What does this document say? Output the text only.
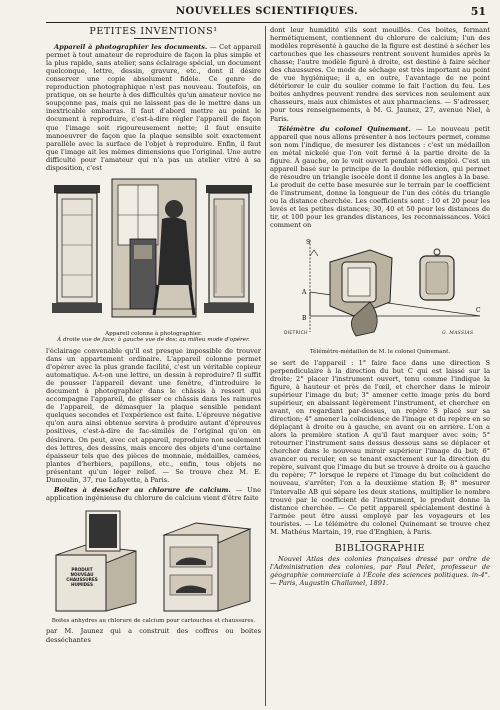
NOUVELLES SCIENTIFIQUES.	51
PETITES INVENTIONS¹

Appareil à photographier les documents. — Cet appareil permet à tout amateur de reproduire de façon la plus simple et la plus rapide, sans atelier, sans éclairage spécial, un document quelconque, lettre, dessin, gravure, etc., dont il désire conserver une copie absolument fidèle. Ce genre de reproduction photographique n'est pas nouveau. Toutefois, en pratique, on se heurte à des difficultés qu'un amateur novice ne soupçonne pas, mais qui ne laissent pas de le mettre dans un inextricable embarras. Il faut d'abord mettre au point le document à reproduire, c'est-à-dire régler l'appareil de façon que l'image soit rigoureusement nette; il faut ensuite manoeuvrer de façon que la plaque sensible soit exactement parallèle avec la surface de l'objet à reproduire. Enfin, il faut que l'image ait les mêmes dimensions que l'original. Une autre difficulté pour l'amateur qui n'a pas un atelier vitré à sa disposition, c'est

Appareil colonne à photographier.
À droite vue de face; à gauche vue de dos; au milieu mode d'opérer.

l'éclairage convenable qu'il est presque impossible de trouver dans un appartement ordinaire. L'appareil colonne permet d'opérer avec la plus grande facilité, c'est un véritable copieur automatique. A-t-on une lettre, un dessin à reproduire? Il suffit de pousser l'appareil devant une fenêtre, d'introduire le document à photographier dans le châssis à ressort qui accompagne l'appareil, de glisser ce châssis dans les rainures de l'appareil, de démasquer la plaque sensible pendant quelques secondes et l'expérience est faite. L'épreuve négative qu'on aura ainsi obtenue servira à produire autant d'épreuves positives, c'est-à-dire de fac-similés de l'original qu'on en désirera. On peut, avec cet appareil, reproduire non seulement des lettres, des dessins, mais encore des objets d'une certaine épaisseur tels que des pièces de monnaie, médailles, camées, plantes d'herbiers, papillons, etc., enfin, tous objets ne présentant qu'un léger relief. — Se trouve chez M. E. Dumoulin, 37, rue Lafayette, à Paris.

Boites à dessécher au chlorure de calcium. — Une application ingénieuse du chlorure de calcium vient d'être faite

PRODUIT NOUVEAU CHAUSSURES HUMIDES
Boites anhydres au chlorure de calcium pour cartouches et chaussures.

par M. Jaunez qui a construit des coffres ou boites desséchantes

dont leur humidité s'ils sont mouillés. Ces boites, fermant hermétiquement, contiennent du chlorure de calcium; l'un des modèles représenté à gauche de la figure est destiné à sécher les cartouches que les chasseurs rentrent souvent humides après la chasse; l'autre modèle figuré à droite, est destiné à faire sécher des chaussures. Ce mode de séchage est très important au point de vue hygiénique; il a, en outre, l'avantage de ne point détériorer le cuir du soulier comme le fait l'action du feu. Les boites anhydres peuvent rendre des services non seulement aux chasseurs, mais aux chimistes et aux pharmaciens. — S'adresser, pour tous renseignements, à M. G. Jaunez, 27, avenue Niel, à Paris.

Télémètre du colonel Quinemant. — Le nouveau petit appareil que nous allons présenter à nos lecteurs permet, comme son nom l'indique, de mesurer les distances : c'est un médaillon en métal nickelé que l'on voit fermé à la partie droite de la figure. À gauche, on le voit ouvert pendant son emploi. C'est un appareil basé sur le principe de la double réflexion, qui permet de résoudre un triangle isocèle dont il donne les angles à la base. Le produit de cette base mesurée sur le terrain par le coefficient de l'instrument, donne la longueur de l'un des côtés du triangle ou la distance cherchée. Les coefficients sont : 10 et 20 pour les levés et les petites distances; 30, 40 et 50 pour les distances de tir, et 100 pour les grandes distances, les reconnaissances. Voici comment on

S
A
B
C
DIETRICH	G. MASSIAS
Télémètre-médaillon de M. le colonel Quinemant.

se sert de l'appareil : 1° faire face dans une direction S perpendiculaire à la direction du but C qui est laissé sur la droite; 2° placer l'instrument ouvert, tenu comme l'indique la figure, à hauteur et près de l'œil, et chercher dans le miroir supérieur l'image du but; 3° amener cette image près du bord supérieur, en abaissant légèrement l'instrument, et chercher en avant, en regardant par-dessus, un repère S placé sur sa direction; 4° amener la coïncidence de l'image et du repère en se déplaçant à droite ou à gauche, en avant ou en arrière. L'on a alors la première station A qu'il faut marquer avec soin; 5° retourner l'instrument sans dessus dessous sans se déplacer et chercher dans le nouveau miroir supérieur l'image du but; 6° avancer ou reculer, en se tenant exactement sur la direction du repère, suivant que l'image du but se trouve à droite ou à gauche du repère; 7° lorsque le repère et l'image du but coïncident de nouveau, s'arrêter; l'on a la deuxième station B; 8° mesurer l'intervalle AB qui sépare les deux stations, multiplier le nombre trouvé par le coefficient de l'instrument, le produit donne la distance cherchée. — Ce petit appareil spécialement destiné à l'armée peut être aussi employé par les voyageurs et les touristes. — Le télémètre du colonel Quinemant se trouve chez M. Mathéus Martain, 19, rue d'Enghien, à Paris.

BIBLIOGRAPHIE

Nouvel Atlas des colonies françaises dressé par ordre de l'Administration des colonies, par Paul Pelet, professeur de géographie commerciale à l'École des sciences politiques. in-4°. — Paris, Augustin Challamel, 1891.
